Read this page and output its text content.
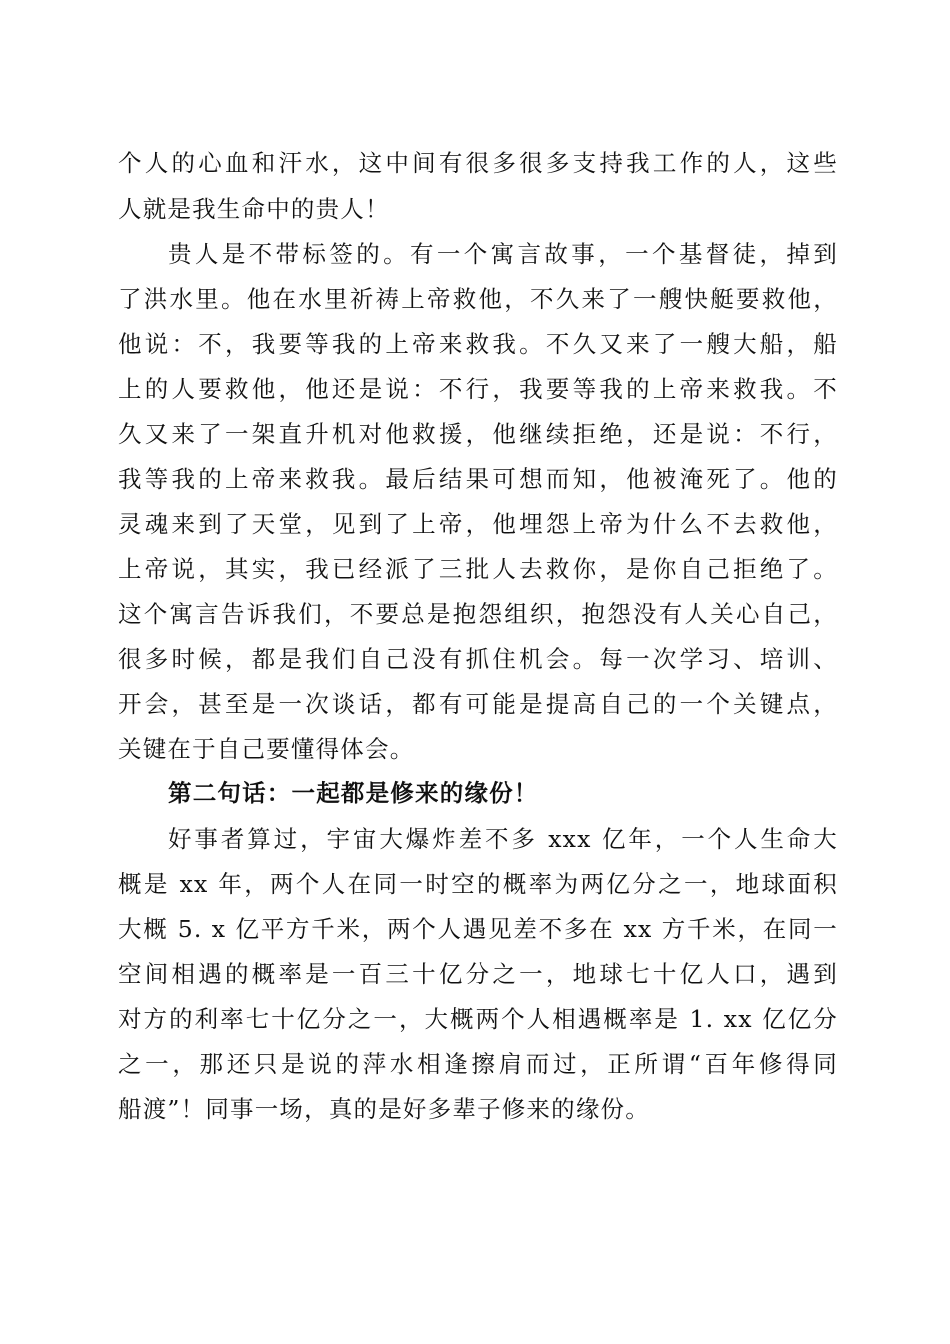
个人的心血和汗水，这中间有很多很多支持我工作的人，这些
人就是我生命中的贵人！
贵人是不带标签的。有一个寓言故事，一个基督徒，掉到
了洪水里。他在水里祈祷上帝救他，不久来了一艘快艇要救他，
他说：不，我要等我的上帝来救我。不久又来了一艘大船，船
上的人要救他，他还是说：不行，我要等我的上帝来救我。不
久又来了一架直升机对他救援，他继续拒绝，还是说：不行，
我等我的上帝来救我。最后结果可想而知，他被淹死了。他的
灵魂来到了天堂，见到了上帝，他埋怨上帝为什么不去救他，
上帝说，其实，我已经派了三批人去救你，是你自己拒绝了。
这个寓言告诉我们，不要总是抱怨组织，抱怨没有人关心自己，
很多时候，都是我们自己没有抓住机会。每一次学习、培训、
开会，甚至是一次谈话，都有可能是提高自己的一个关键点，
关键在于自己要懂得体会。
第二句话：一起都是修来的缘份！
好事者算过，宇宙大爆炸差不多 xxx 亿年，一个人生命大
概是 xx 年，两个人在同一时空的概率为两亿分之一，地球面积
大概 5. x 亿平方千米，两个人遇见差不多在 xx 方千米，在同一
空间相遇的概率是一百三十亿分之一，地球七十亿人口，遇到
对方的利率七十亿分之一，大概两个人相遇概率是 1. xx 亿亿分
之一，那还只是说的萍水相逢擦肩而过，正所谓“百年修得同
船渡”！同事一场，真的是好多辈子修来的缘份。
